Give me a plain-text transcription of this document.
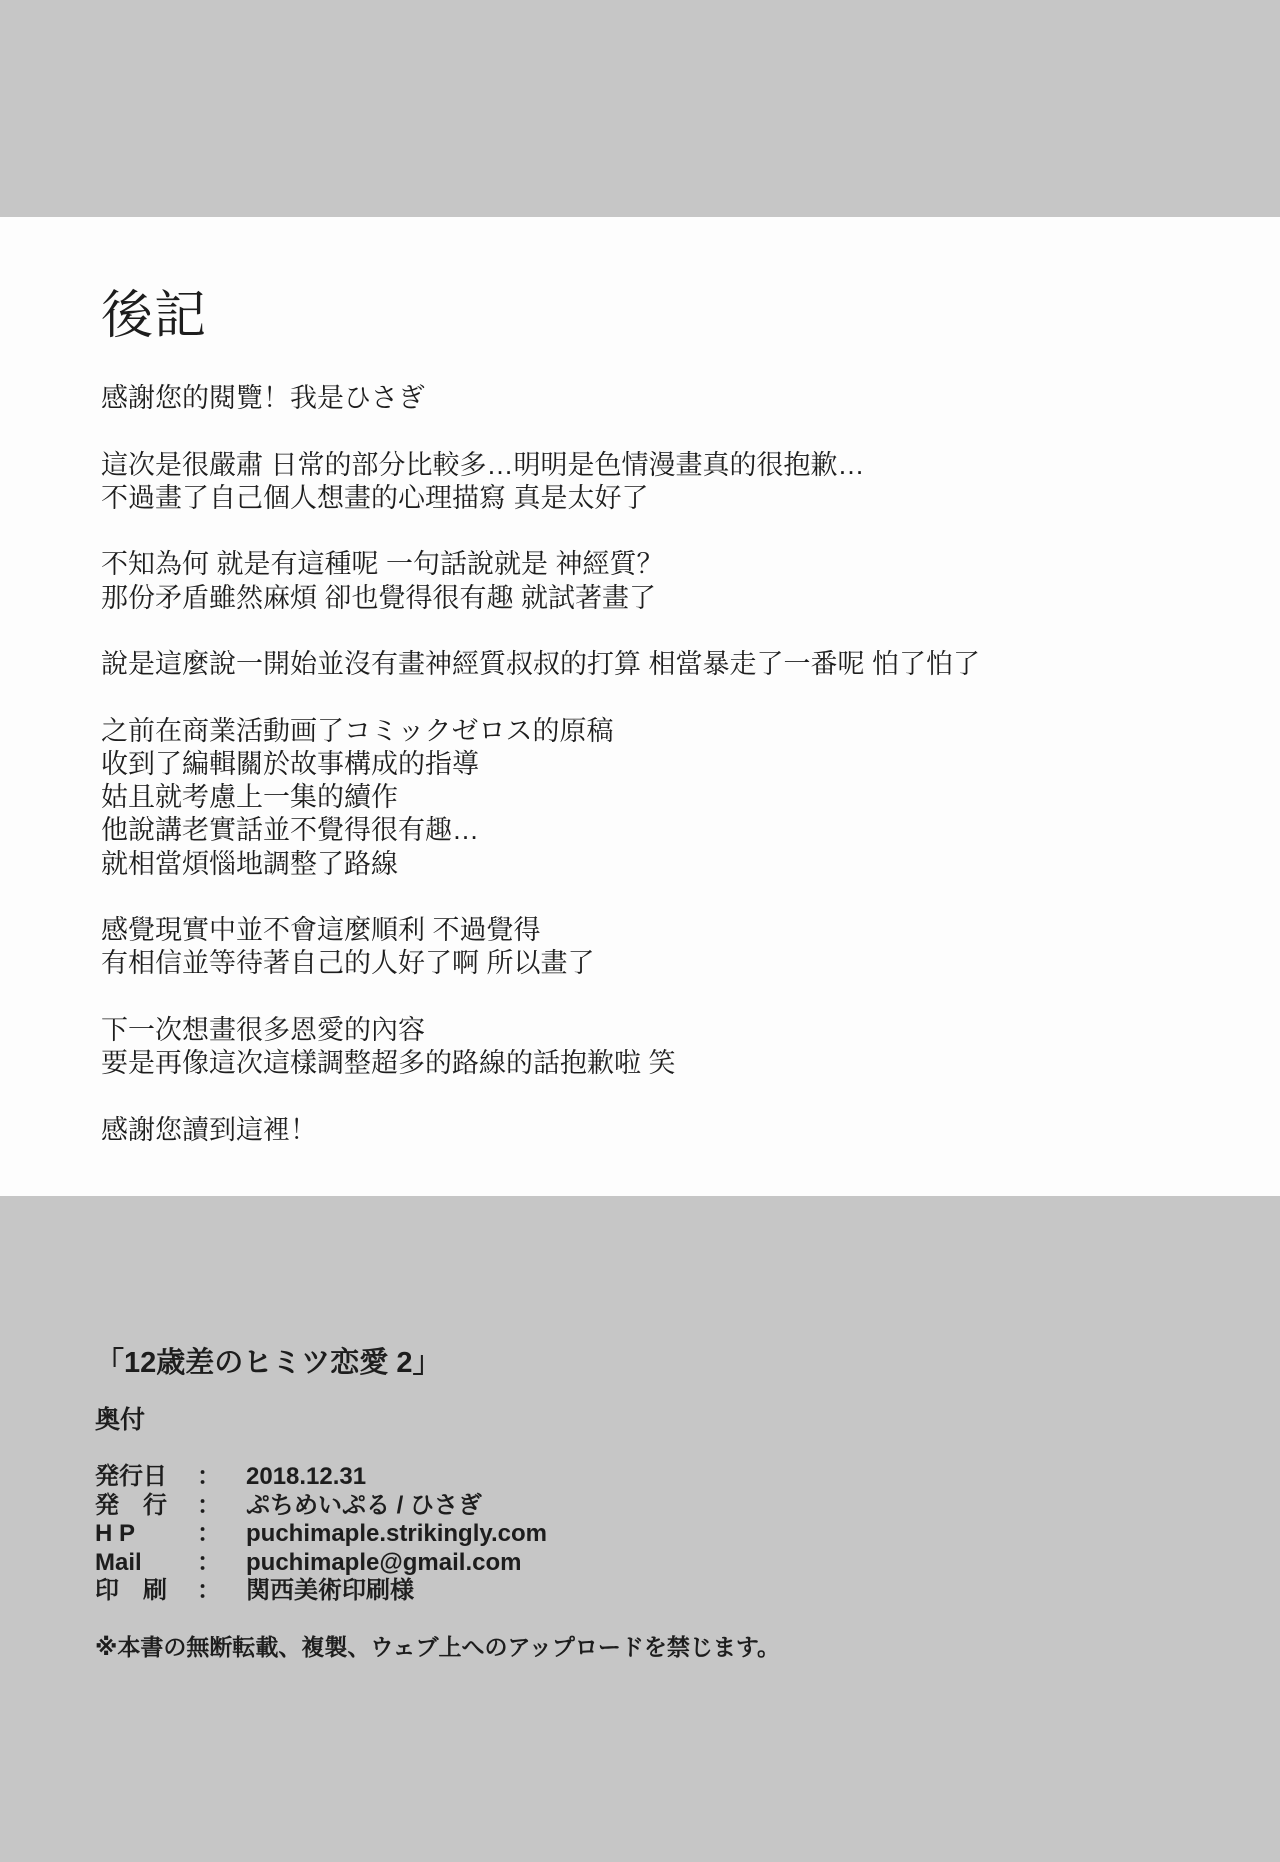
後記

感謝您的閱覽！我是ひさぎ

這次是很嚴肅 日常的部分比較多…明明是色情漫畫真的很抱歉…
不過畫了自己個人想畫的心理描寫 真是太好了

不知為何 就是有這種呢 一句話說就是 神經質？
那份矛盾雖然麻煩 卻也覺得很有趣 就試著畫了

說是這麼說一開始並沒有畫神經質叔叔的打算 相當暴走了一番呢 怕了怕了

之前在商業活動画了コミックゼロス的原稿
收到了編輯關於故事構成的指導
姑且就考慮上一集的續作
他說講老實話並不覺得很有趣…
就相當煩惱地調整了路線

感覺現實中並不會這麼順利 不過覺得
有相信並等待著自己的人好了啊 所以畫了

下一次想畫很多恩愛的內容
要是再像這次這樣調整超多的路線的話抱歉啦 笑

感謝您讀到這裡！

「12歳差のヒミツ恋愛 2」
奥付
発行日 ： 2018.12.31
発　行 ： ぷちめいぷる / ひさぎ
H P	： puchimaple.strikingly.com
Mail ： puchimaple@gmail.com
印　刷 ： 関西美術印刷様
※本書の無断転載、複製、ウェブ上へのアップロードを禁じます。
